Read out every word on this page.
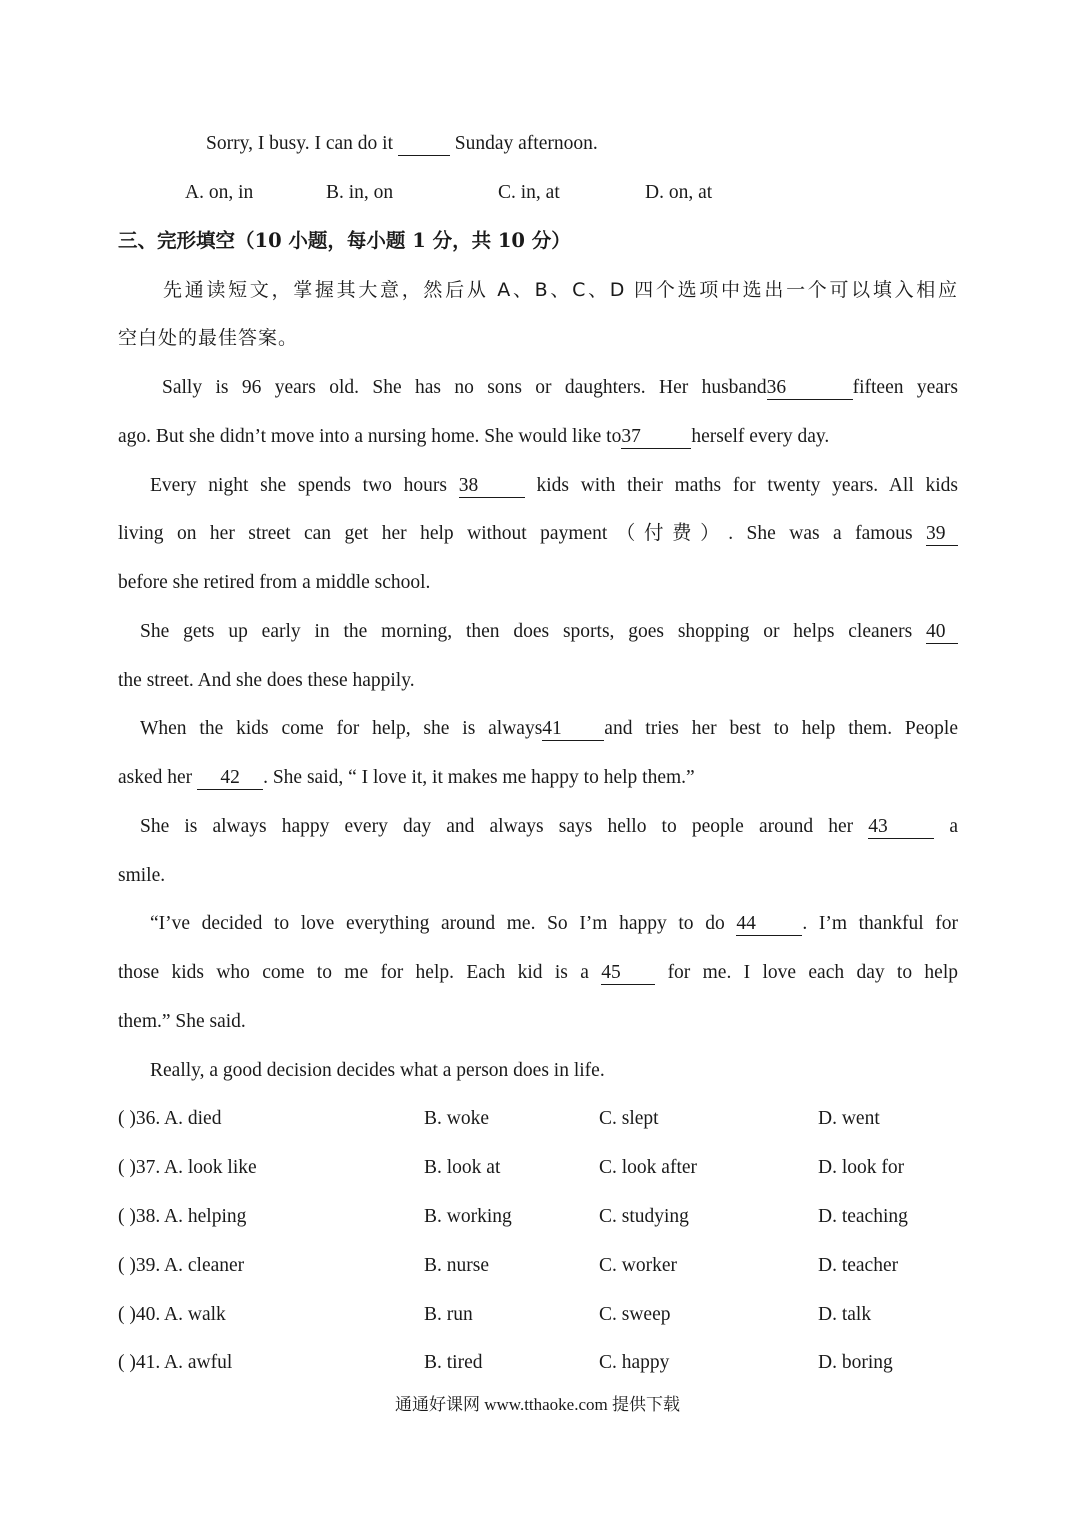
Sorry, I busy. I can do it	Sunday afternoon.
A. on, in	B. in, on	C. in, at	D. on, at
三、完形填空（10 小题，每小题 1 分，共 10 分）
先通读短文，掌握其大意，然后从 A、B、C、D 四个选项中选出一个可以填入相应
空白处的最佳答案。
Sally is 96 years old. She has no sons or daughters. Her husband36	fifteen years
ago. But she didn’t move into a nursing home. She would like to37	herself every day.
Every night she spends two hours 38	kids with their maths for twenty years. All kids
living on her street can get her help without payment（付费）. She was a famous 39
before she retired from a middle school.
She gets up early in the morning, then does sports, goes shopping or helps cleaners 40
the street. And she does these happily.
When the kids come for help, she is always41 and tries her best to help them. People
asked her 42 . She said, “ I love it, it makes me happy to help them.”
She is always happy every day and always says hello to people around her 43	a
smile.
“I’ve decided to love everything around me. So I’m happy to do 44 . I’m thankful for
those kids who come to me for help. Each kid is a 45 for me. I love each day to help
them.” She said.
Really, a good decision decides what a person does in life.
( )36. A. died	B. woke	C. slept	D. went
( )37. A. look like	B. look at	C. look after	D. look for
( )38. A. helping	B. working	C. studying	D. teaching
( )39. A. cleaner	B. nurse	C. worker	D. teacher
( )40. A. walk	B. run	C. sweep	D. talk
( )41. A. awful	B. tired	C. happy	D. boring
通通好课网 www.tthaoke.com 提供下载
